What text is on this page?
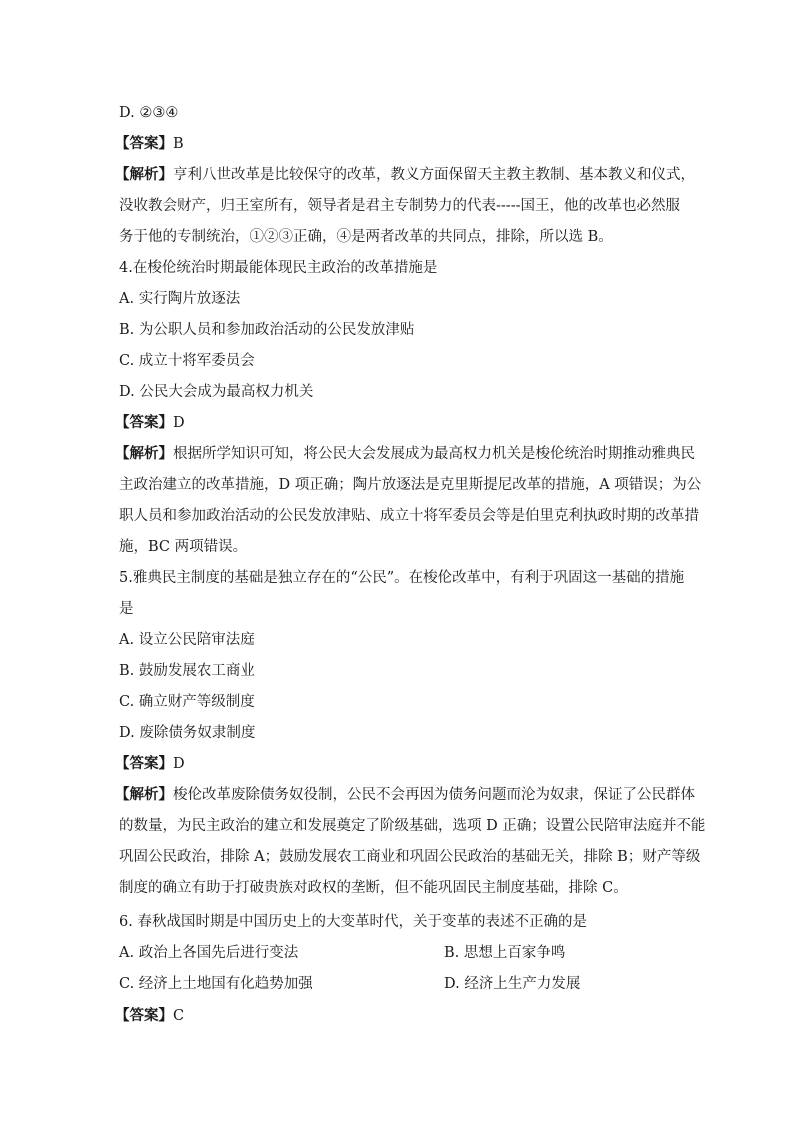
D. ②③④
【答案】B
【解析】亨利八世改革是比较保守的改革，教义方面保留天主教主教制、基本教义和仪式，
没收教会财产，归王室所有，领导者是君主专制势力的代表-----国王，他的改革也必然服
务于他的专制统治，①②③正确，④是两者改革的共同点，排除，所以选 B。
4.在梭伦统治时期最能体现民主政治的改革措施是
A. 实行陶片放逐法
B. 为公职人员和参加政治活动的公民发放津贴
C. 成立十将军委员会
D. 公民大会成为最高权力机关
【答案】D
【解析】根据所学知识可知，将公民大会发展成为最高权力机关是梭伦统治时期推动雅典民
主政治建立的改革措施，D 项正确；陶片放逐法是克里斯提尼改革的措施，A 项错误；为公
职人员和参加政治活动的公民发放津贴、成立十将军委员会等是伯里克利执政时期的改革措
施，BC 两项错误。
5.雅典民主制度的基础是独立存在的“公民”。在梭伦改革中，有利于巩固这一基础的措施
是
A. 设立公民陪审法庭
B. 鼓励发展农工商业
C. 确立财产等级制度
D. 废除债务奴隶制度
【答案】D
【解析】梭伦改革废除债务奴役制，公民不会再因为债务问题而沦为奴隶，保证了公民群体
的数量，为民主政治的建立和发展奠定了阶级基础，选项 D 正确；设置公民陪审法庭并不能
巩固公民政治，排除 A；鼓励发展农工商业和巩固公民政治的基础无关，排除 B；财产等级
制度的确立有助于打破贵族对政权的垄断，但不能巩固民主制度基础，排除 C。
6. 春秋战国时期是中国历史上的大变革时代，关于变革的表述不正确的是
A. 政治上各国先后进行变法	B. 思想上百家争鸣
C. 经济上土地国有化趋势加强	D. 经济上生产力发展
【答案】C
